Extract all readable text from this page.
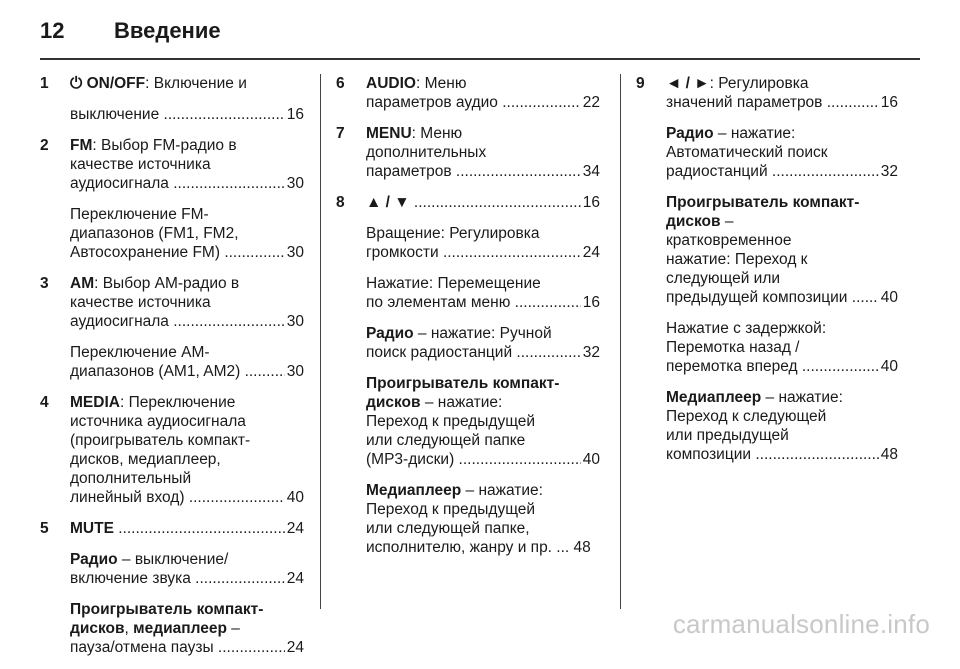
12	Введение
1	⏻ ON/OFF: Включение и
выключение .....	16
2	FM: Выбор FM-радио в
качестве источника
аудиосигнала .....	30
Переключение FM-
диапазонов (FM1, FM2,
Автосохранение FM) .....	30
3	AM: Выбор AM-радио в
качестве источника
аудиосигнала .....	30
Переключение AM-
диапазонов (AM1, AM2) .....	30
4	MEDIA: Переключение
источника аудиосигнала
(проигрыватель компакт-
дисков, медиаплеер,
дополнительный
линейный вход) .....	40
5	MUTE .....	24
Радио – выключение/
включение звука .....	24
Проигрыватель компакт-
дисков, медиаплеер –
пауза/отмена паузы .....	24
6	AUDIO: Меню
параметров аудио .....	22
7	MENU: Меню
дополнительных
параметров .....	34
8	▲ / ▼ .....	16
Вращение: Регулировка
громкости .....	24
Нажатие: Перемещение
по элементам меню .....	16
Радио – нажатие: Ручной
поиск радиостанций .....	32
Проигрыватель компакт-
дисков – нажатие:
Переход к предыдущей
или следующей папке
(MP3-диски) .....	40
Медиаплеер – нажатие:
Переход к предыдущей
или следующей папке,
исполнителю, жанру и пр. ... 48
9	◄ / ►: Регулировка
значений параметров .....	16
Радио – нажатие:
Автоматический поиск
радиостанций .....	32
Проигрыватель компакт-
дисков –
кратковременное
нажатие: Переход к
следующей или
предыдущей композиции .....	40
Нажатие с задержкой:
Перемотка назад /
перемотка вперед .....	40
Медиаплеер – нажатие:
Переход к следующей
или предыдущей
композиции .....	48
carmanualsonline.info
